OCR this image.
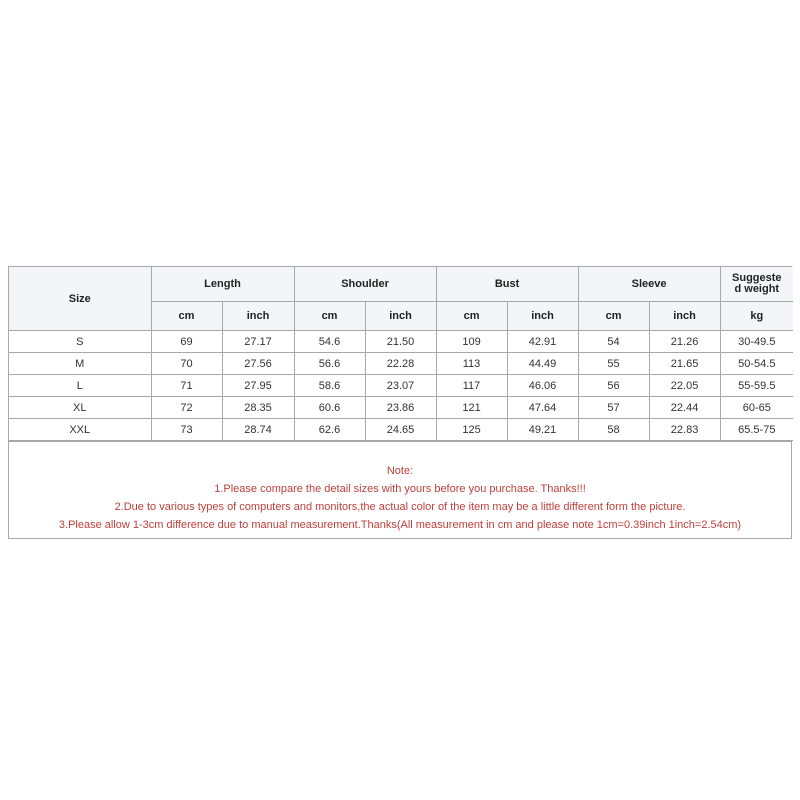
Size	Length		Shoulder		Bust		Sleeve		Suggeste
d weight
	cm	inch	cm	inch	cm	inch	cm	inch	kg
S	69	27.17	54.6	21.50	109	42.91	54	21.26	30-49.5
M	70	27.56	56.6	22.28	113	44.49	55	21.65	50-54.5
L	71	27.95	58.6	23.07	117	46.06	56	22.05	55-59.5
XL	72	28.35	60.6	23.86	121	47.64	57	22.44	60-65
XXL	73	28.74	62.6	24.65	125	49.21	58	22.83	65.5-75
Note:
1.Please compare the detail sizes with yours before you purchase. Thanks!!!
2.Due to various types of computers and monitors,the actual color of the item may be a little different form the picture.
3.Please allow 1-3cm difference due to manual measurement.Thanks(All measurement in cm and please note 1cm=0.39inch 1inch=2.54cm)
